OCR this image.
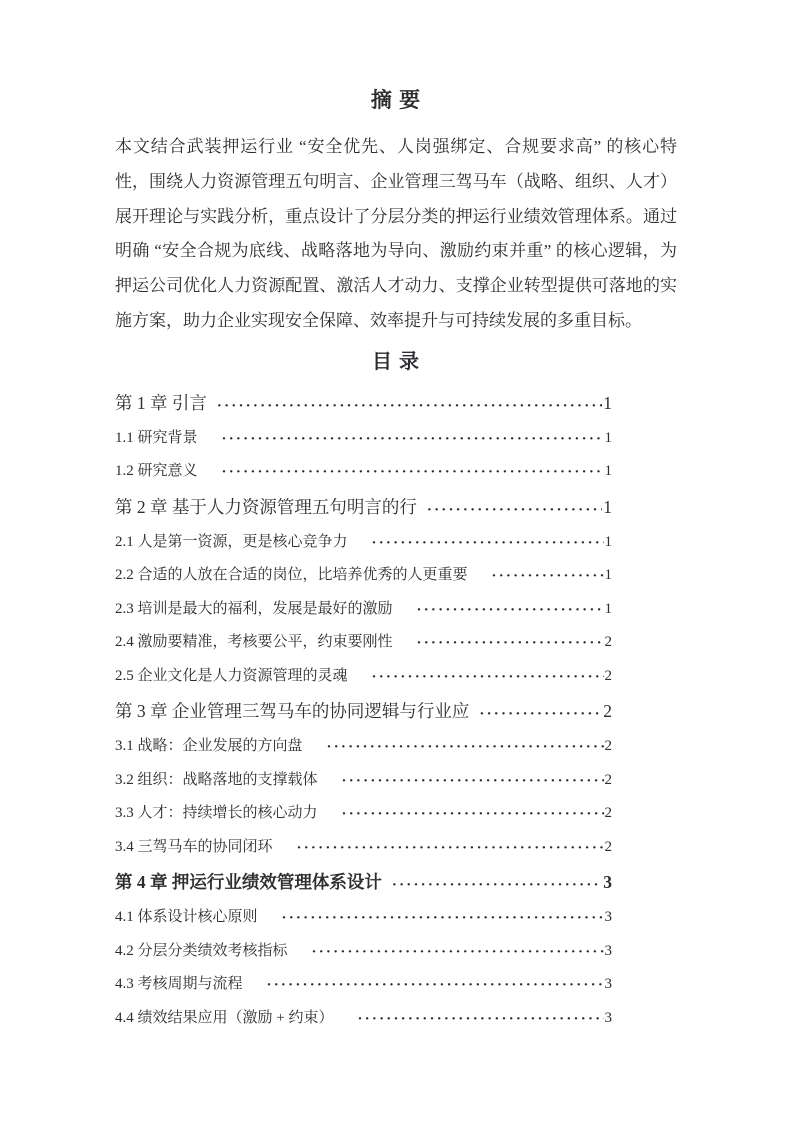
摘 要

本文结合武装押运行业 “安全优先、人岗强绑定、合规要求高” 的核心特性，围绕人力资源管理五句明言、企业管理三驾马车（战略、组织、人才）展开理论与实践分析，重点设计了分层分类的押运行业绩效管理体系。通过明确 “安全合规为底线、战略落地为导向、激励约束并重” 的核心逻辑，为押运公司优化人力资源配置、激活人才动力、支撑企业转型提供可落地的实施方案，助力企业实现安全保障、效率提升与可持续发展的多重目标。

目 录
第 1 章 引言 ·····	1
1.1 研究背景 ·····	1
1.2 研究意义 ·····	1
第 2 章 基于人力资源管理五句明言的行 ·····	1
2.1 人是第一资源，更是核心竞争力 ·····	1
2.2 合适的人放在合适的岗位，比培养优秀的人更重要 ·····	1
2.3 培训是最大的福利，发展是最好的激励 ·····	1
2.4 激励要精准，考核要公平，约束要刚性 ·····	2
2.5 企业文化是人力资源管理的灵魂 ·····	2
第 3 章 企业管理三驾马车的协同逻辑与行业应 ·····	2
3.1 战略：企业发展的方向盘 ·····	2
3.2 组织：战略落地的支撑载体 ·····	2
3.3 人才：持续增长的核心动力 ·····	2
3.4 三驾马车的协同闭环 ·····	2
第 4 章 押运行业绩效管理体系设计 ·····	3
4.1 体系设计核心原则 ·····	3
4.2 分层分类绩效考核指标 ·····	3
4.3 考核周期与流程 ·····	3
4.4 绩效结果应用（激励 + 约束） ·····	3
